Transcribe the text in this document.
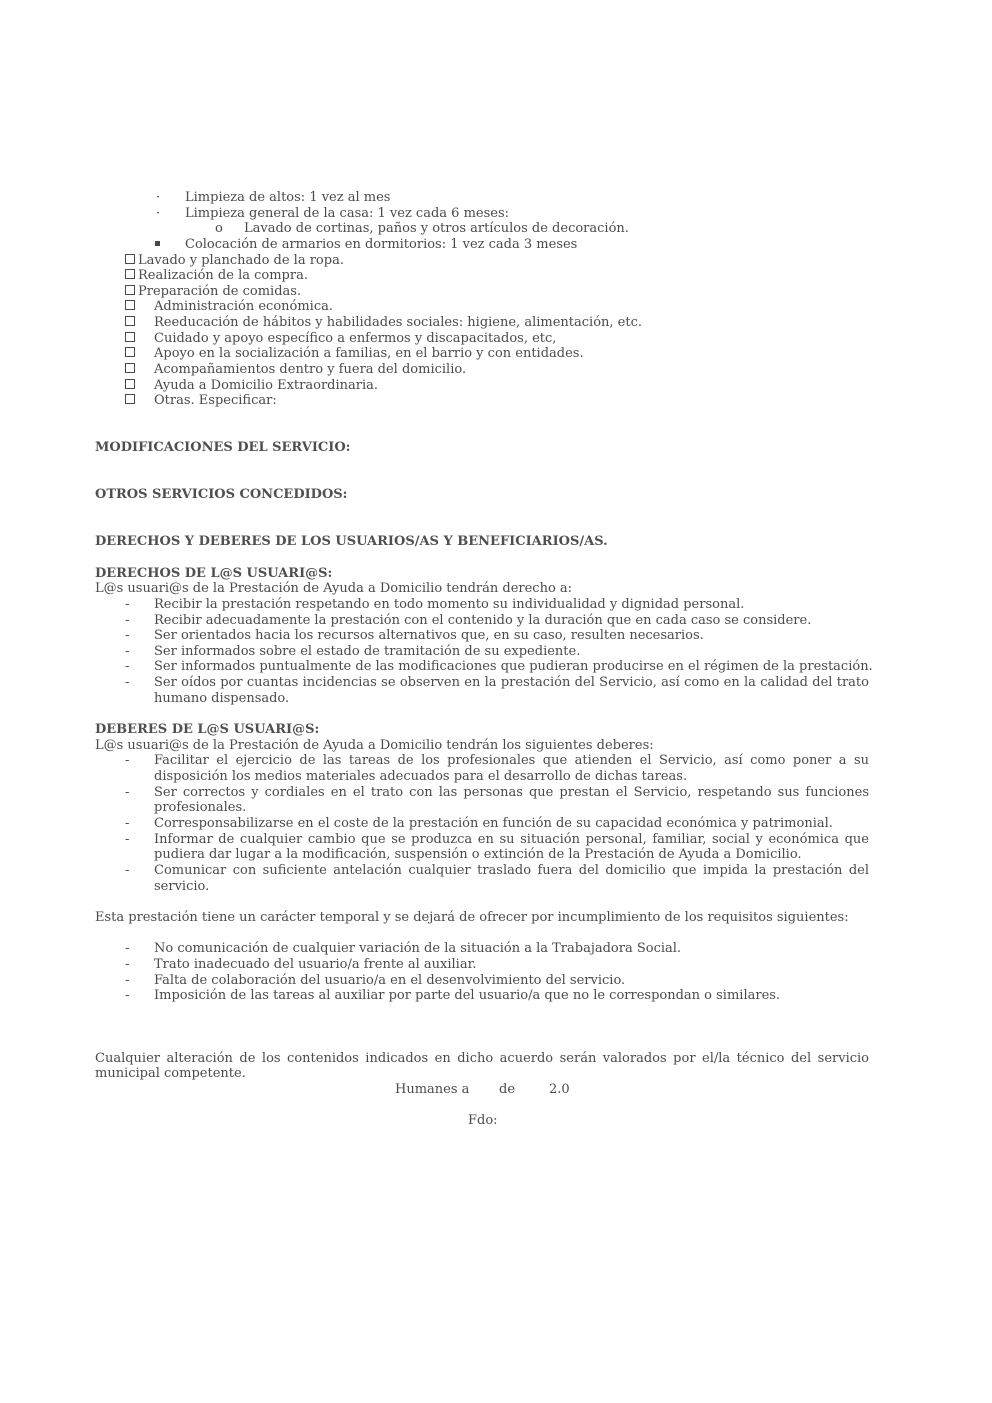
· Limpieza de altos: 1 vez al mes
· Limpieza general de la casa: 1 vez cada 6 meses:
o Lavado de cortinas, paños y otros artículos de decoración.
Colocación de armarios en dormitorios: 1 vez cada 3 meses
Lavado y planchado de la ropa.
Realización de la compra.
Preparación de comidas.
Administración económica.
Reeducación de hábitos y habilidades sociales: higiene, alimentación, etc.
Cuidado y apoyo específico a enfermos y discapacitados, etc,
Apoyo en la socialización a familias, en el barrio y con entidades.
Acompañamientos dentro y fuera del domicilio.
Ayuda a Domicilio Extraordinaria.
Otras. Especificar:
MODIFICACIONES DEL SERVICIO:
OTROS SERVICIOS CONCEDIDOS:
DERECHOS Y DEBERES DE LOS USUARIOS/AS Y BENEFICIARIOS/AS.
DERECHOS DE L@S USUARI@S:
L@s usuari@s de la Prestación de Ayuda a Domicilio tendrán derecho a:
- Recibir la prestación respetando en todo momento su individualidad y dignidad personal.
- Recibir adecuadamente la prestación con el contenido y la duración que en cada caso se considere.
- Ser orientados hacia los recursos alternativos que, en su caso, resulten necesarios.
- Ser informados sobre el estado de tramitación de su expediente.
- Ser informados puntualmente de las modificaciones que pudieran producirse en el régimen de la prestación.
- Ser oídos por cuantas incidencias se observen en la prestación del Servicio, así como en la calidad del trato
humano dispensado.
DEBERES DE L@S USUARI@S:
L@s usuari@s de la Prestación de Ayuda a Domicilio tendrán los siguientes deberes:
- Facilitar el ejercicio de las tareas de los profesionales que atienden el Servicio, así como poner a su
disposición los medios materiales adecuados para el desarrollo de dichas tareas.
- Ser correctos y cordiales en el trato con las personas que prestan el Servicio, respetando sus funciones
profesionales.
- Corresponsabilizarse en el coste de la prestación en función de su capacidad económica y patrimonial.
- Informar de cualquier cambio que se produzca en su situación personal, familiar, social y económica que
pudiera dar lugar a la modificación, suspensión o extinción de la Prestación de Ayuda a Domicilio.
- Comunicar con suficiente antelación cualquier traslado fuera del domicilio que impida la prestación del
servicio.
Esta prestación tiene un carácter temporal y se dejará de ofrecer por incumplimiento de los requisitos siguientes:
- No comunicación de cualquier variación de la situación a la Trabajadora Social.
- Trato inadecuado del usuario/a frente al auxiliar.
- Falta de colaboración del usuario/a en el desenvolvimiento del servicio.
- Imposición de las tareas al auxiliar por parte del usuario/a que no le correspondan o similares.
Cualquier alteración de los contenidos indicados en dicho acuerdo serán valorados por el/la técnico del servicio
municipal competente.
Humanes a de	2.0
Fdo:
